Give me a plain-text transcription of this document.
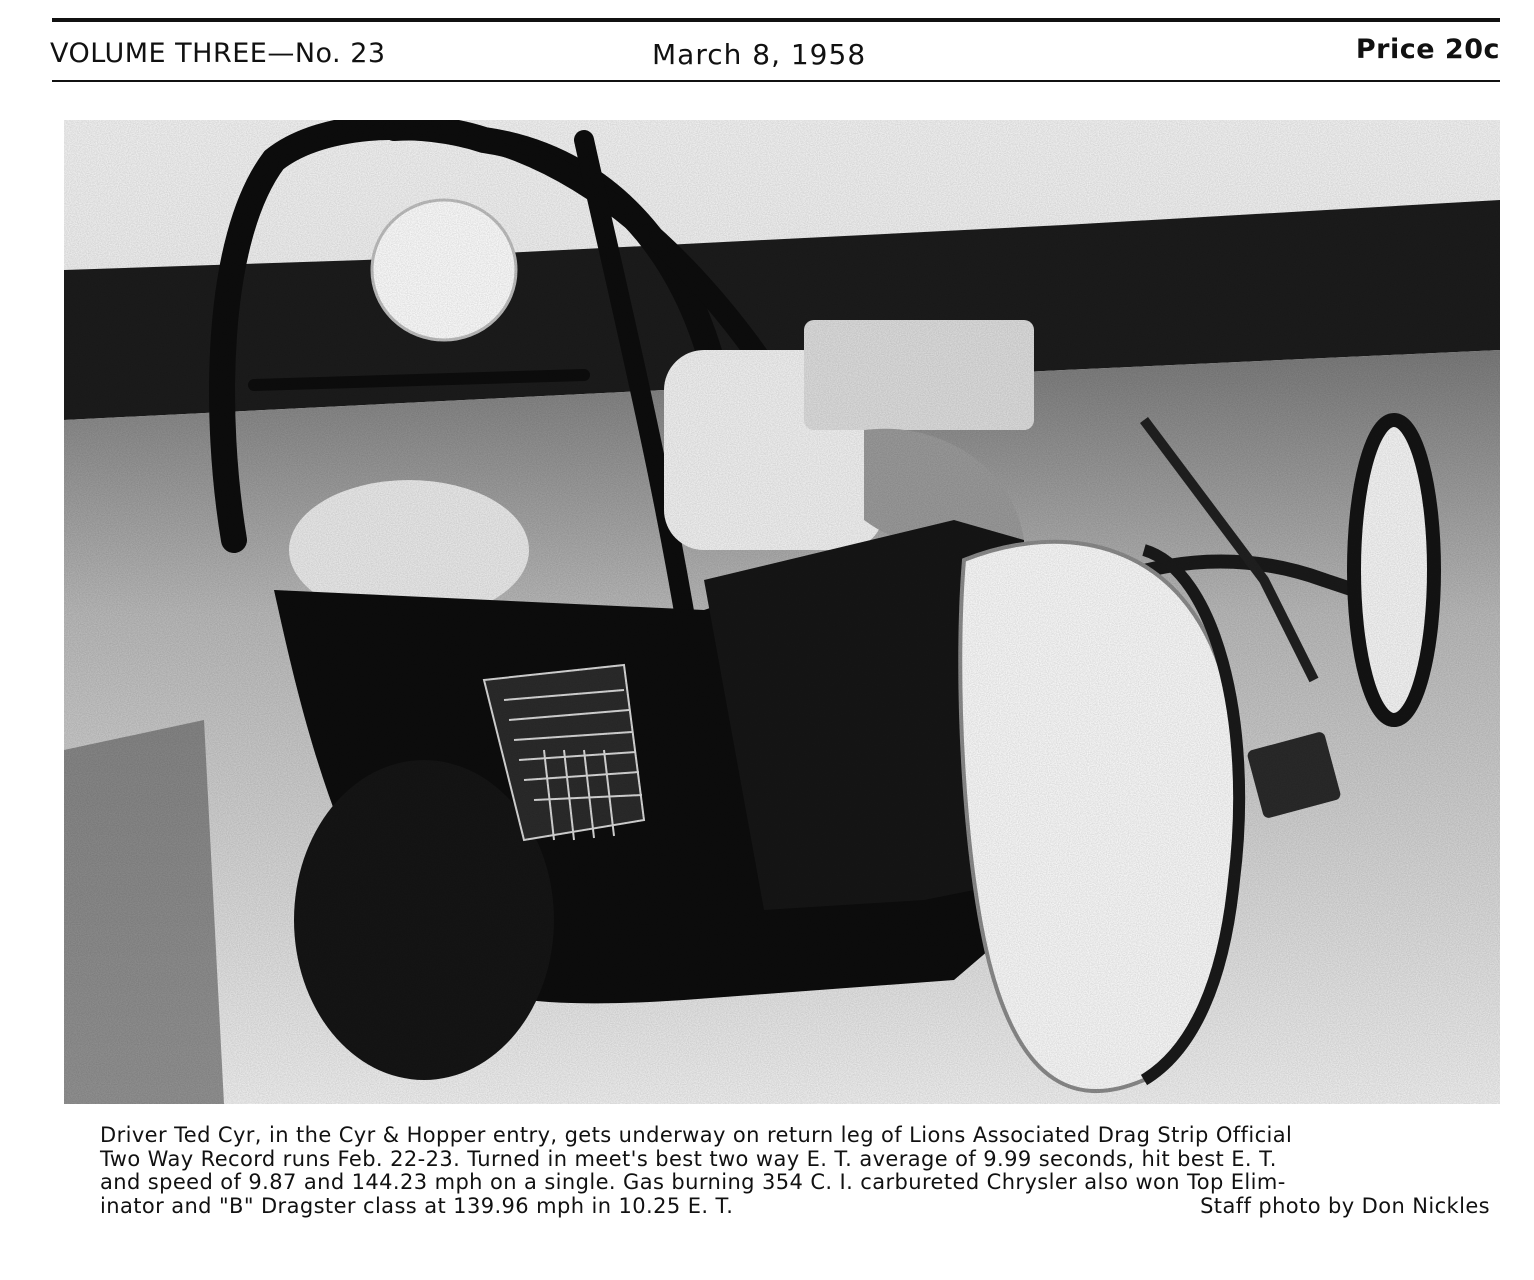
VOLUME THREE—No. 23	March 8, 1958	Price 20c
Driver Ted Cyr, in the Cyr & Hopper entry, gets underway on return leg of Lions Associated Drag Strip Official
Two Way Record runs Feb. 22-23. Turned in meet's best two way E. T. average of 9.99 seconds, hit best E. T.
and speed of 9.87 and 144.23 mph on a single. Gas burning 354 C. I. carbureted Chrysler also won Top Elim-
inator and "B" Dragster class at 139.96 mph in 10.25 E. T.	Staff photo by Don Nickles
